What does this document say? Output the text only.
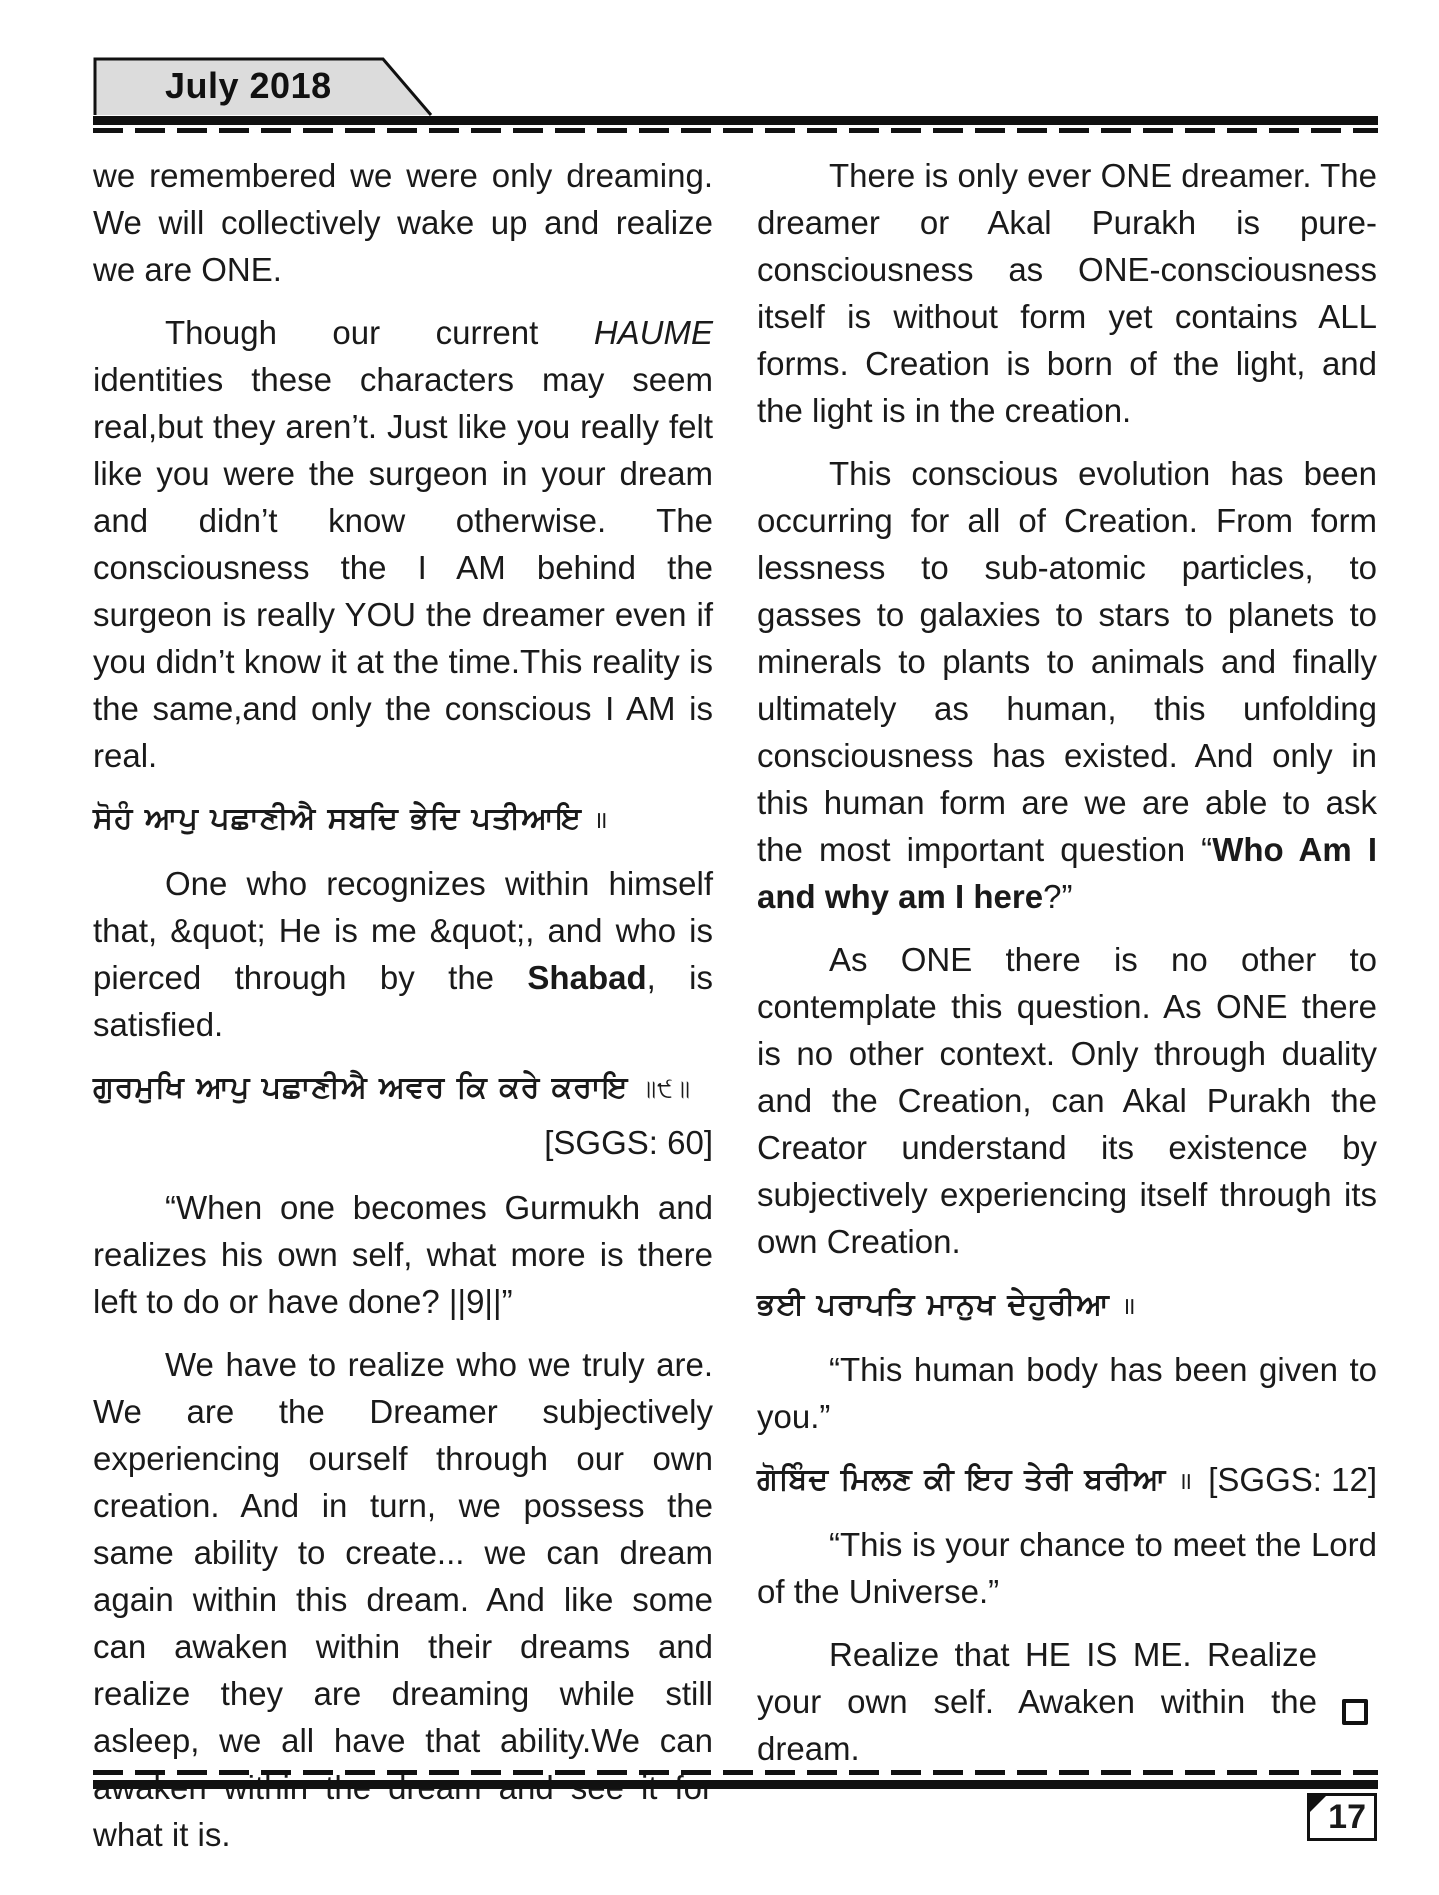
July 2018

we remembered we were only dreaming. We will collectively wake up and realize we are ONE.

Though our current HAUME identities these characters may seem real,but they aren’t. Just like you really felt like you were the surgeon in your dream and didn’t know otherwise. The consciousness the I AM behind the surgeon is really YOU the dreamer even if you didn’t know it at the time.This reality is the same,and only the conscious I AM is real.

ਸੋਹੰ ਆਪੁ ਪਛਾਣੀਐ ਸਬਦਿ ਭੇਦਿ ਪਤੀਆਇ ॥

One who recognizes within himself that, &quot; He is me &quot;, and who is pierced through by the Shabad, is satisfied.

ਗੁਰਮੁਖਿ ਆਪੁ ਪਛਾਣੀਐ ਅਵਰ ਕਿ ਕਰੇ ਕਰਾਇ ॥੯॥

[SGGS: 60]

“When one becomes Gurmukh and realizes his own self, what more is there left to do or have done? ||9||”

We have to realize who we truly are. We are the Dreamer subjectively experiencing ourself through our own creation. And in turn, we possess the same ability to create... we can dream again within this dream. And like some can awaken within their dreams and realize they are dreaming while still asleep, we all have that ability.We can what it is.

There is only ever ONE dreamer. The dreamer or Akal Purakh is pure-consciousness as ONE-consciousness itself is without form yet contains ALL forms. Creation is born of the light, and the light is in the creation.

This conscious evolution has been occurring for all of Creation. From form lessness to sub-atomic particles, to gasses to galaxies to stars to planets to minerals to plants to animals and finally ultimately as human, this unfolding consciousness has existed. And only in this human form are we are able to ask the most important question “Who Am I and why am I here?”

As ONE there is no other to contemplate this question. As ONE there is no other context. Only through duality and the Creation, can Akal Purakh the Creator understand its existence by subjectively experiencing itself through its own Creation.

ਭਈ ਪਰਾਪਤਿ ਮਾਨੁਖ ਦੇਹੁਰੀਆ ॥

“This human body has been given to you.”

ਗੋਬਿੰਦ ਮਿਲਣ ਕੀ ਇਹ ਤੇਰੀ ਬਰੀਆ ॥ [SGGS: 12]

“This is your chance to meet the Lord of the Universe.”

Realize that HE IS ME. Realize your own self. Awaken within the dream.

17
